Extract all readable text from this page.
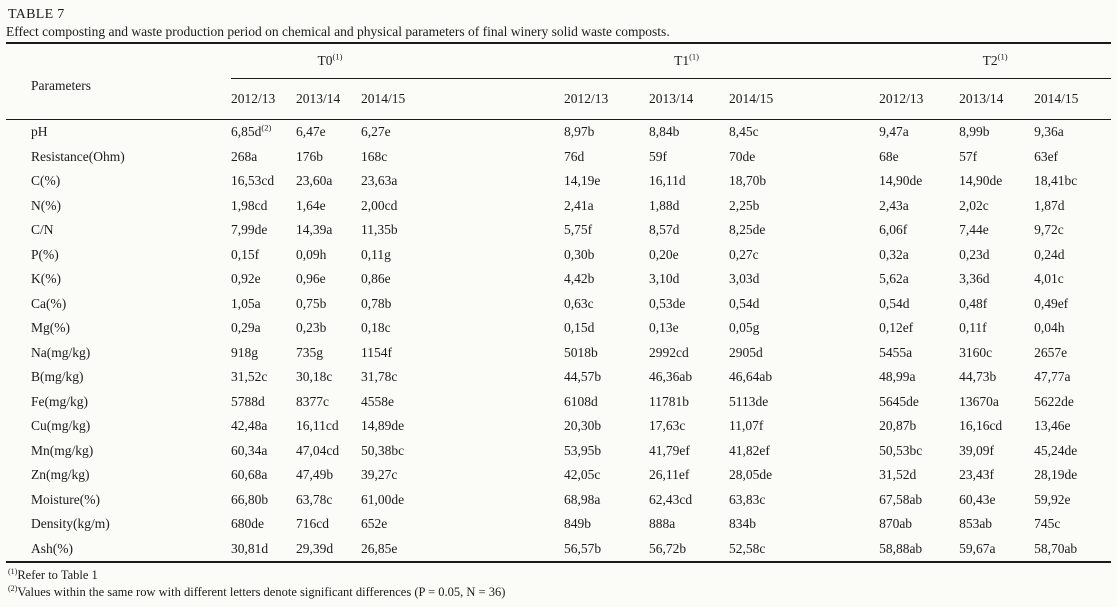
TABLE 7
Effect composting and waste production period on chemical and physical parameters of final winery solid waste composts.
Parameters	T0$^{(1)}$				T1$^{(1)}$				T2$^{(1)}$
	2012/13	2013/14	2014/15		2012/13	2013/14	2014/15		2012/13	2013/14	2014/15
pH	$6,85d^{(2)}$	6,47e	6,27e		8,97b	8,84b	8,45c		9,47a	8,99b	9,36a
Resistance(Ohm)	268a	176b	168c		76d	59f	70de		68e	57f	63ef
C(%)	16,53cd	23,60a	23,63a		14,19e	16,11d	18,70b		14,90de	14,90de	18,41bc
N(%)	1,98cd	1,64e	2,00cd		2,41a	1,88d	2,25b		2,43a	2,02c	1,87d
C/N	7,99de	14,39a	11,35b		5,75f	8,57d	8,25de		6,06f	7,44e	9,72c
P(%)	0,15f	0,09h	0,11g		0,30b	0,20e	0,27c		0,32a	0,23d	0,24d
K(%)	0,92e	0,96e	0,86e		4,42b	3,10d	3,03d		5,62a	3,36d	4,01c
Ca(%)	1,05a	0,75b	0,78b		0,63c	0,53de	0,54d		0,54d	0,48f	0,49ef
Mg(%)	0,29a	0,23b	0,18c		0,15d	0,13e	0,05g		0,12ef	0,11f	0,04h
Na(mg/kg)	918g	735g	1154f		5018b	2992cd	2905d		5455a	3160c	2657e
B(mg/kg)	31,52c	30,18c	31,78c		44,57b	46,36ab	46,64ab		48,99a	44,73b	47,77a
Fe(mg/kg)	5788d	8377c	4558e		6108d	11781b	5113de		5645de	13670a	5622de
Cu(mg/kg)	42,48a	16,11cd	14,89de		20,30b	17,63c	11,07f		20,87b	16,16cd	13,46e
Mn(mg/kg)	60,34a	47,04cd	50,38bc		53,95b	41,79ef	41,82ef		50,53bc	39,09f	45,24de
Zn(mg/kg)	60,68a	47,49b	39,27c		42,05c	26,11ef	28,05de		31,52d	23,43f	28,19de
Moisture(%)	66,80b	63,78c	61,00de		68,98a	62,43cd	63,83c		67,58ab	60,43e	59,92e
Density(kg/m)	680de	716cd	652e		849b	888a	834b		870ab	853ab	745c
Ash(%)	30,81d	29,39d	26,85e		56,57b	56,72b	52,58c		58,88ab	59,67a	58,70ab

$^{(1)}$Refer to Table 1

$^{(2)}$Values within the same row with different letters denote significant differences (P = 0.05, N = 36)
